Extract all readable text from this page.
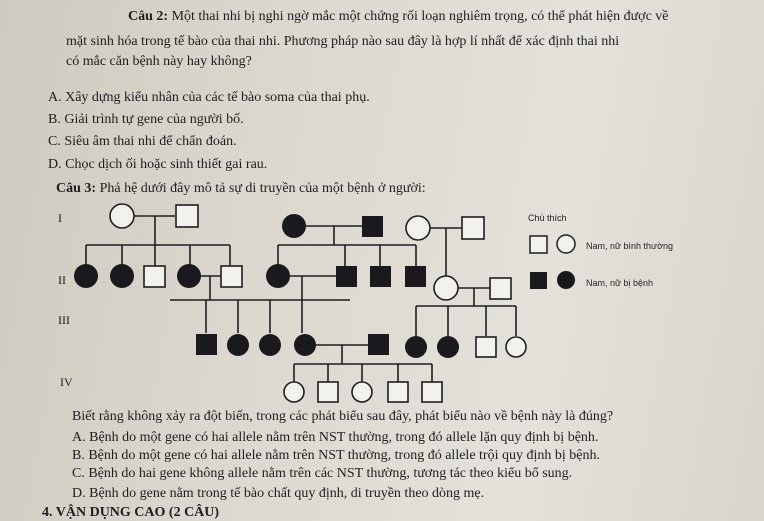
Câu 2: Một thai nhi bị nghi ngờ mắc một chứng rối loạn nghiêm trọng, có thể phát hiện được về
mặt sinh hóa trong tế bào của thai nhi. Phương pháp nào sau đây là hợp lí nhất để xác định thai nhi
có mắc căn bệnh này hay không?
A. Xây dựng kiểu nhân của các tế bào soma của thai phụ.
B. Giải trình tự gene của người bố.
C. Siêu âm thai nhi để chẩn đoán.
D. Chọc dịch ối hoặc sinh thiết gai rau.
Câu 3: Phả hệ dưới đây mô tả sự di truyền của một bệnh ở người:
I
II
III
IV
Chú thích
Nam, nữ bình thường
Nam, nữ bị bệnh
Biết rằng không xảy ra đột biến, trong các phát biểu sau đây, phát biểu nào về bệnh này là đúng?
A. Bệnh do một gene có hai allele nằm trên NST thường, trong đó allele lặn quy định bị bệnh.
B. Bệnh do một gene có hai allele nằm trên NST thường, trong đó allele trội quy định bị bệnh.
C. Bệnh do hai gene không allele nằm trên các NST thường, tương tác theo kiểu bổ sung.
D. Bệnh do gene nằm trong tế bào chất quy định, di truyền theo dòng mẹ.
4. VẬN DỤNG CAO (2 CÂU)
